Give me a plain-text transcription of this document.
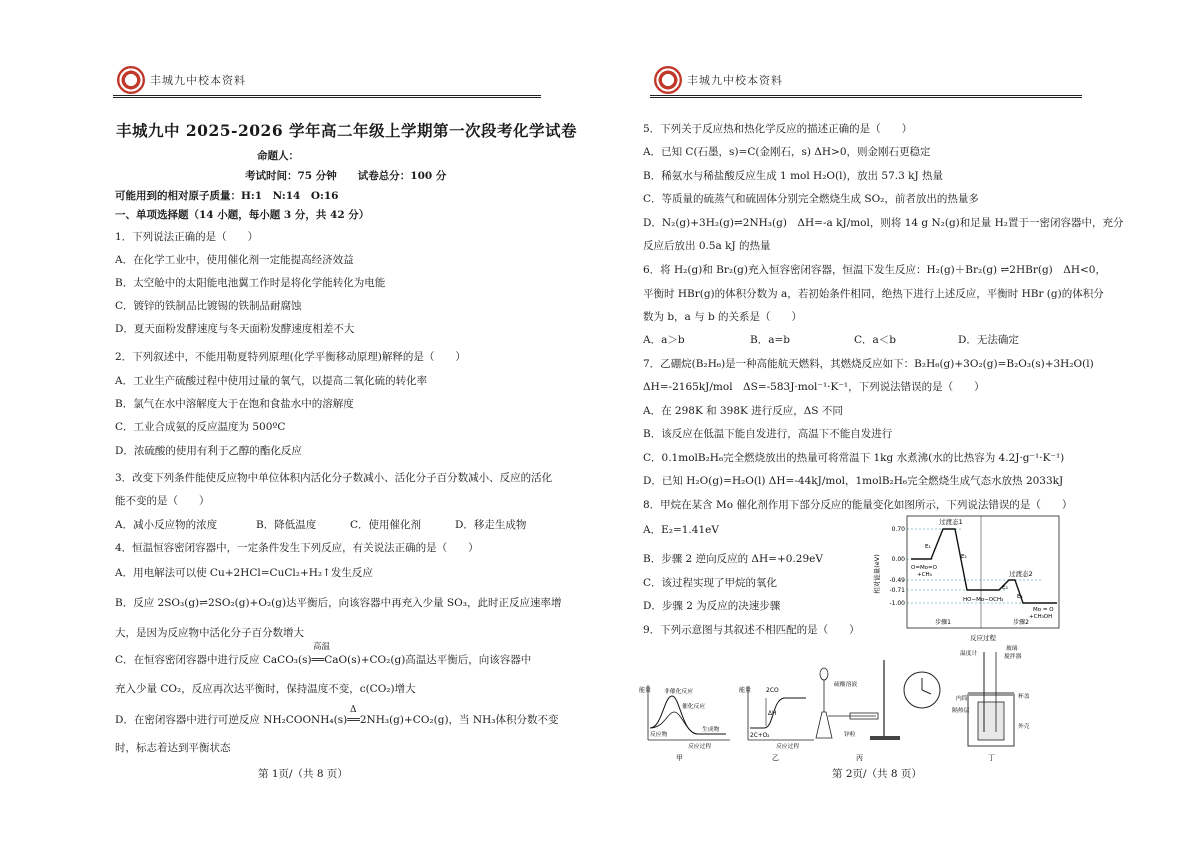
丰城九中校本资料
丰城九中 2025-2026 学年高二年级上学期第一次段考化学试卷
命题人：
考试时间：75 分钟　　试卷总分：100 分
可能用到的相对原子质量：H:1　N:14　O:16
一、单项选择题（14 小题，每小题 3 分，共 42 分）
1．下列说法正确的是（　　）
A．在化学工业中，使用催化剂一定能提高经济效益
B．太空舱中的太阳能电池翼工作时是将化学能转化为电能
C．镀锌的铁制品比镀锡的铁制品耐腐蚀
D．夏天面粉发酵速度与冬天面粉发酵速度相差不大
2．下列叙述中，不能用勒夏特列原理(化学平衡移动原理)解释的是（　　）
A．工业生产硫酸过程中使用过量的氧气，以提高二氧化硫的转化率
B．氯气在水中溶解度大于在饱和食盐水中的溶解度
C．工业合成氨的反应温度为 500ºC
D．浓硫酸的使用有利于乙醇的酯化反应
3．改变下列条件能使反应物中单位体积内活化分子数减小、活化分子百分数减小、反应的活化
能不变的是（　　）
A．减小反应物的浓度	B．降低温度	C．使用催化剂	D．移走生成物
4．恒温恒容密闭容器中，一定条件发生下列反应，有关说法正确的是（　　）
A．用电解法可以使 Cu+2HCl=CuCl₂+H₂↑发生反应
B．反应 2SO₃(g)⇌2SO₂(g)+O₂(g)达平衡后，向该容器中再充入少量 SO₃，此时正反应速率增
大，是因为反应物中活化分子百分数增大
高温
C．在恒容密闭容器中进行反应 CaCO₃(s)══CaO(s)+CO₂(g)高温达平衡后，向该容器中
充入少量 CO₂，反应再次达平衡时，保持温度不变，c(CO₂)增大
Δ
D．在密闭容器中进行可逆反应 NH₂COONH₄(s)══2NH₃(g)+CO₂(g)，当 NH₃体积分数不变
时，标志着达到平衡状态
第 1页/（共 8 页）
丰城九中校本资料
5．下列关于反应热和热化学反应的描述正确的是（　　）
A．已知 C(石墨，s)=C(金刚石，s) ΔH>0，则金刚石更稳定
B．稀氨水与稀盐酸反应生成 1 mol H₂O(l)，放出 57.3 kJ 热量
C．等质量的硫蒸气和硫固体分别完全燃烧生成 SO₂，前者放出的热量多
D．N₂(g)+3H₂(g)⇌2NH₃(g)　ΔH=-a kJ/mol，则将 14 g N₂(g)和足量 H₂置于一密闭容器中，充分
反应后放出 0.5a kJ 的热量
6．将 H₂(g)和 Br₂(g)充入恒容密闭容器，恒温下发生反应：H₂(g)＋Br₂(g) ⇌2HBr(g)　ΔH<0，
平衡时 HBr(g)的体积分数为 a，若初始条件相同，绝热下进行上述反应，平衡时 HBr (g)的体积分
数为 b，a 与 b 的关系是（　　）
A．a＞b	B．a=b	C．a＜b	D．无法确定
7．乙硼烷(B₂H₆)是一种高能航天燃料，其燃烧反应如下：B₂H₆(g)+3O₂(g)=B₂O₃(s)+3H₂O(l)
ΔH=-2165kJ/mol　ΔS=-583J·mol⁻¹·K⁻¹，下列说法错误的是（　　）
A．在 298K 和 398K 进行反应，ΔS 不同
B．该反应在低温下能自发进行，高温下不能自发进行
C．0.1molB₂H₆完全燃烧放出的热量可将常温下 1kg 水煮沸(水的比热容为 4.2J·g⁻¹·K⁻¹)
D．已知 H₂O(g)=H₂O(l) ΔH=-44kJ/mol，1molB₂H₆完全燃烧生成气态水放热 2033kJ
8．甲烷在某含 Mo 催化剂作用下部分反应的能量变化如图所示，下列说法错误的是（　　）
A．E₂=1.41eV
B．步骤 2 逆向反应的 ΔH=+0.29eV
C．该过程实现了甲烷的氧化
D．步骤 2 为反应的决速步骤
9．下列示意图与其叙述不相匹配的是（　　）
相对能量(eV)
0.70
0.00
-0.49
-0.71
-1.00
过渡态1
过渡态2
E₁
E₂
E₃
E₄
O=Mo=O
+CH₄
HO−Mo−OCH₃
Mo = O
+CH₃OH
步骤1	步骤2
反应过程
能量 非催化反应
催化反应
反应物
生成物
反应过程
甲
能量 2CO
ΔH
2C+O₂
反应过程
乙
硫酸溶液
锌粒
丙
温度计
玻璃
搅拌器
内筒	杯盖
隔热层
外壳
丁
第 2页/（共 8 页）
